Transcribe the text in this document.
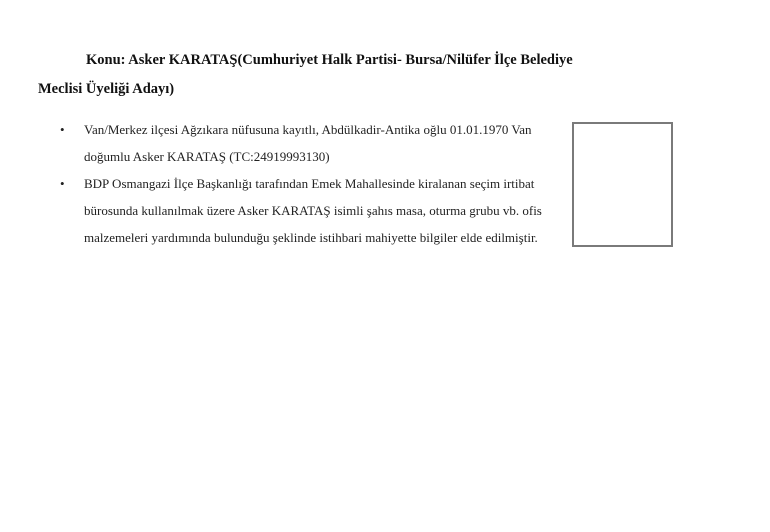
Konu: Asker KARATAŞ(Cumhuriyet Halk Partisi- Bursa/Nilüfer İlçe Belediye
Meclisi Üyeliği Adayı)
• Van/Merkez ilçesi Ağzıkara nüfusuna kayıtlı, Abdülkadir-Antika oğlu 01.01.1970 Van doğumlu Asker KARATAŞ (TC:24919993130)
• BDP Osmangazi İlçe Başkanlığı tarafından Emek Mahallesinde kiralanan seçim irtibat bürosunda kullanılmak üzere Asker KARATAŞ isimli şahıs masa, oturma grubu vb. ofis malzemeleri yardımında bulunduğu şeklinde istihbari mahiyette bilgiler elde edilmiştir.
